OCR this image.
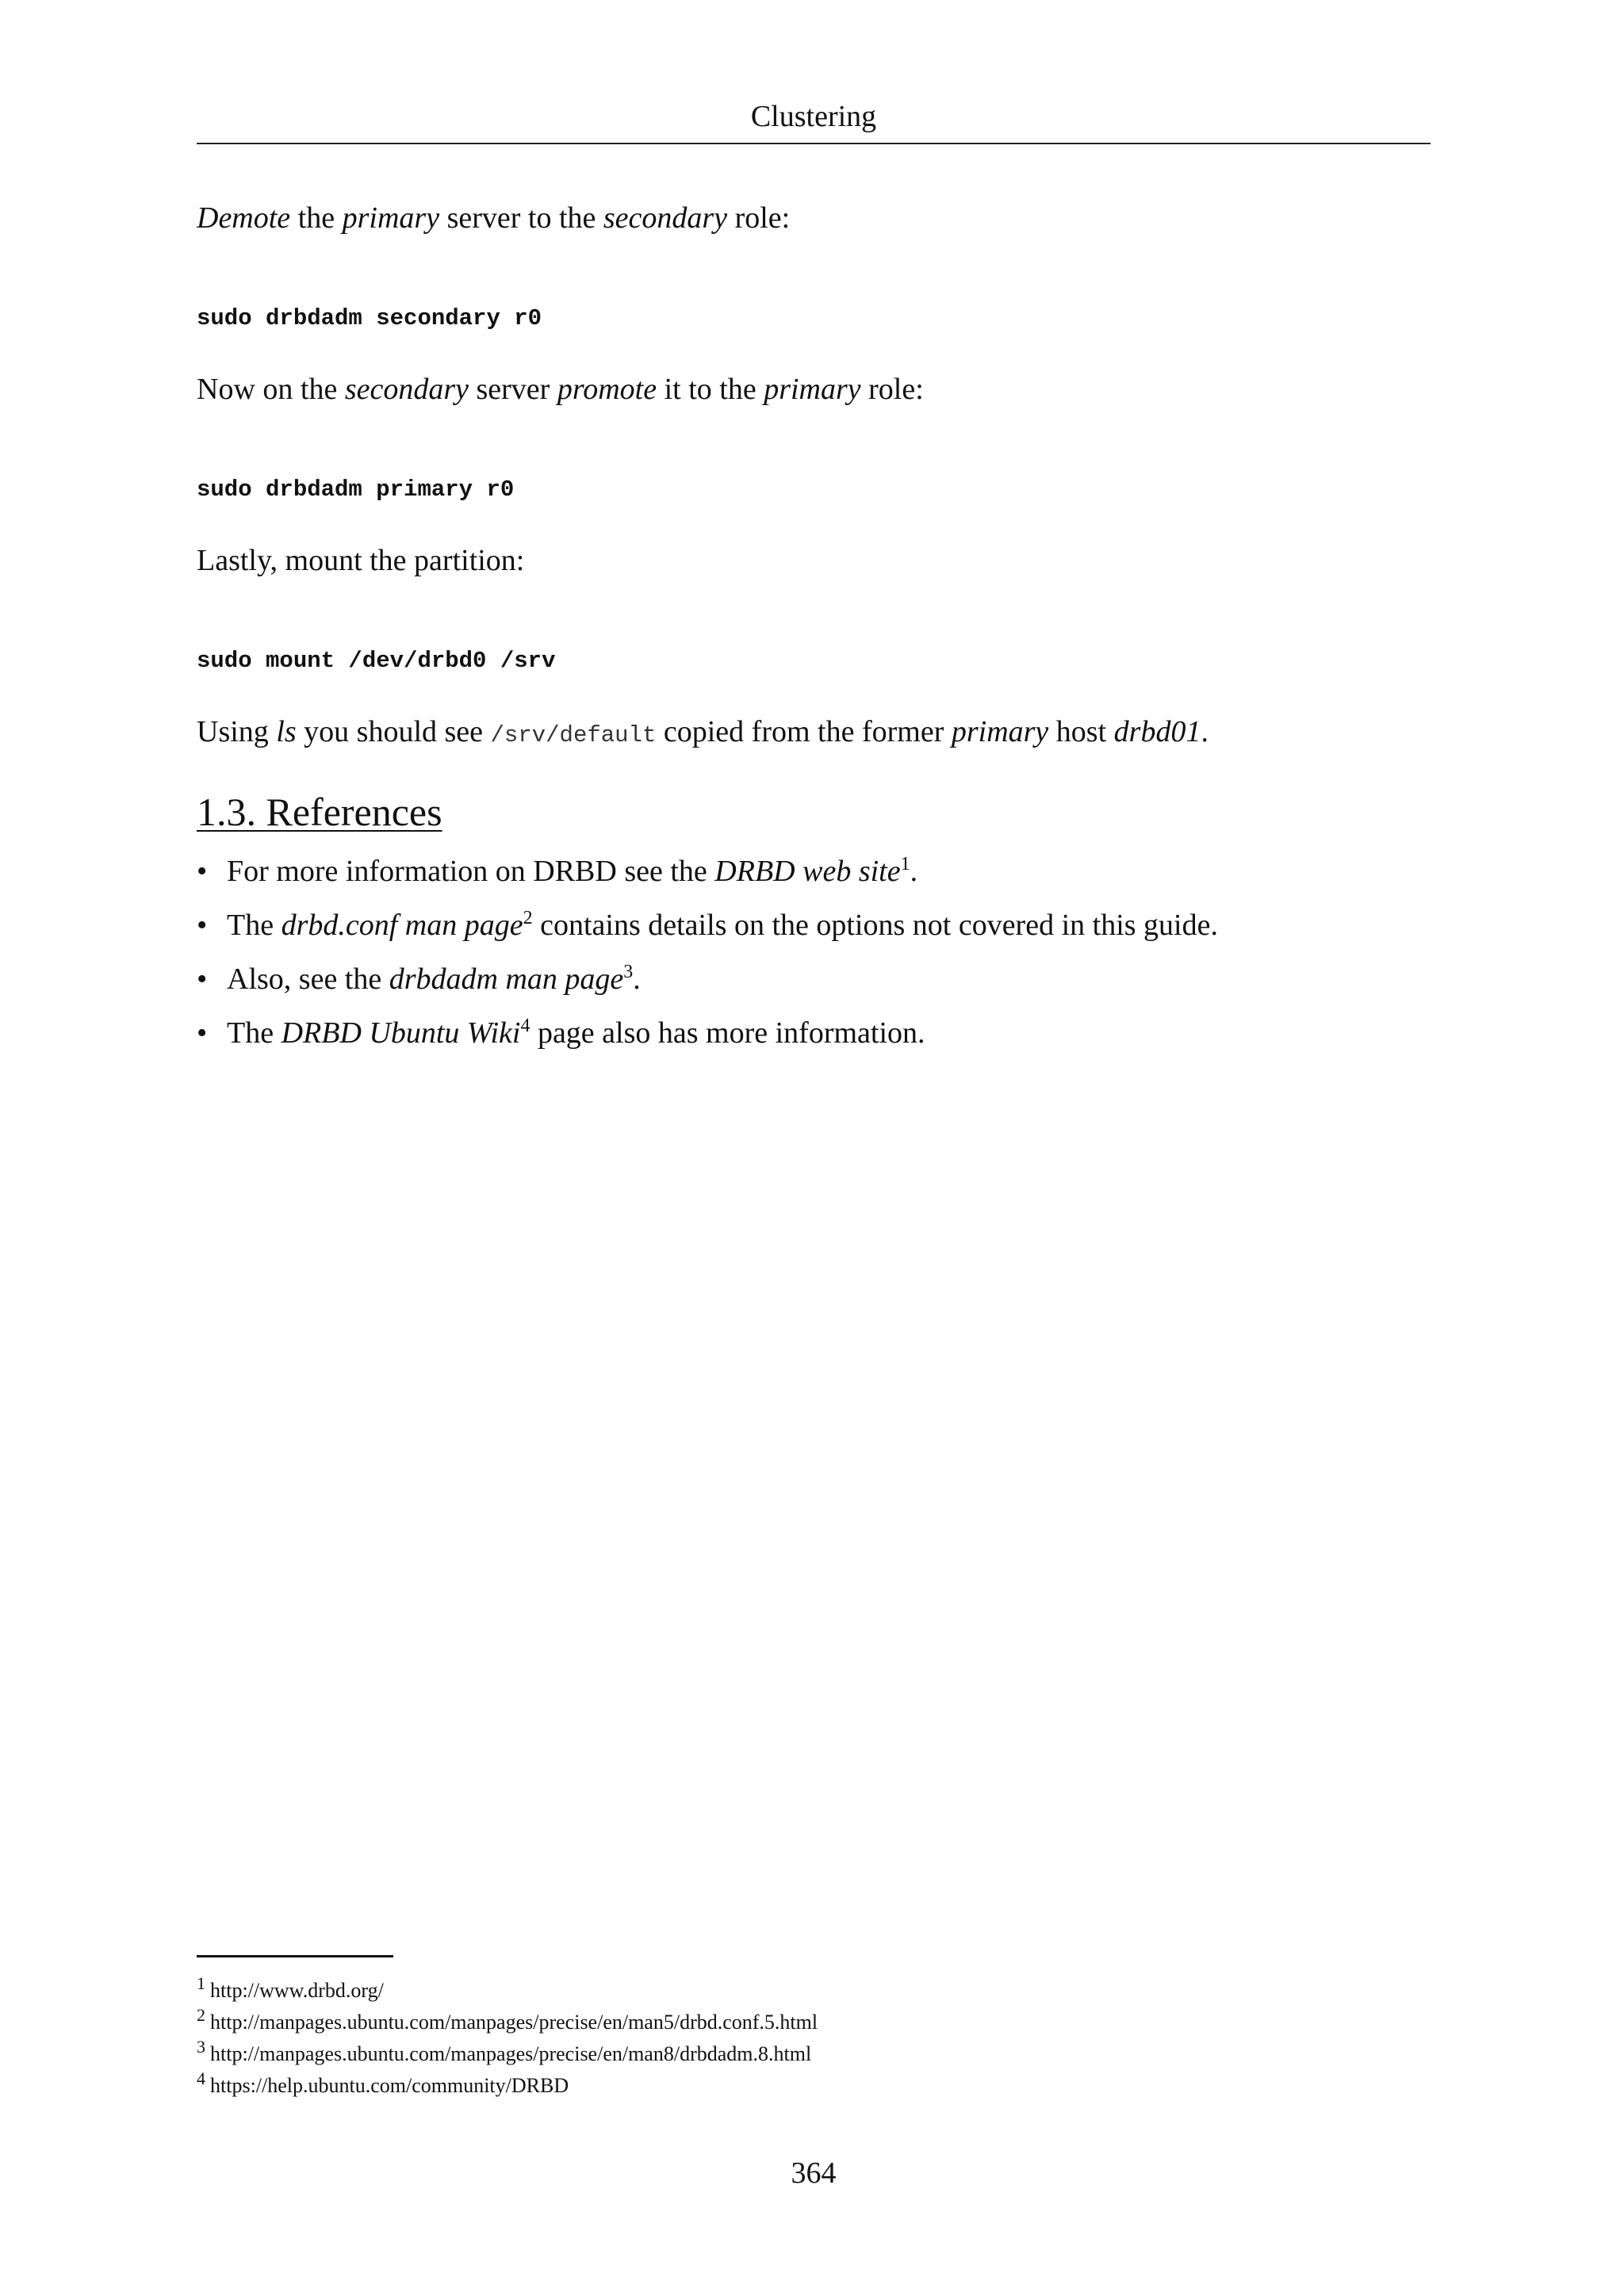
Clustering

Demote the primary server to the secondary role:

sudo drbdadm secondary r0

Now on the secondary server promote it to the primary role:

sudo drbdadm primary r0

Lastly, mount the partition:

sudo mount /dev/drbd0 /srv

Using ls you should see /srv/default copied from the former primary host drbd01.

1.3. References
• For more information on DRBD see the DRBD web site$^1$.
• The drbd.conf man page$^2$ contains details on the options not covered in this guide.
• Also, see the drbdadm man page$^3$.
• The DRBD Ubuntu Wiki$^4$ page also has more information.
$^1$ http://www.drbd.org/
$^2$ http://manpages.ubuntu.com/manpages/precise/en/man5/drbd.conf.5.html
$^3$ http://manpages.ubuntu.com/manpages/precise/en/man8/drbdadm.8.html
$^4$ https://help.ubuntu.com/community/DRBD
364
